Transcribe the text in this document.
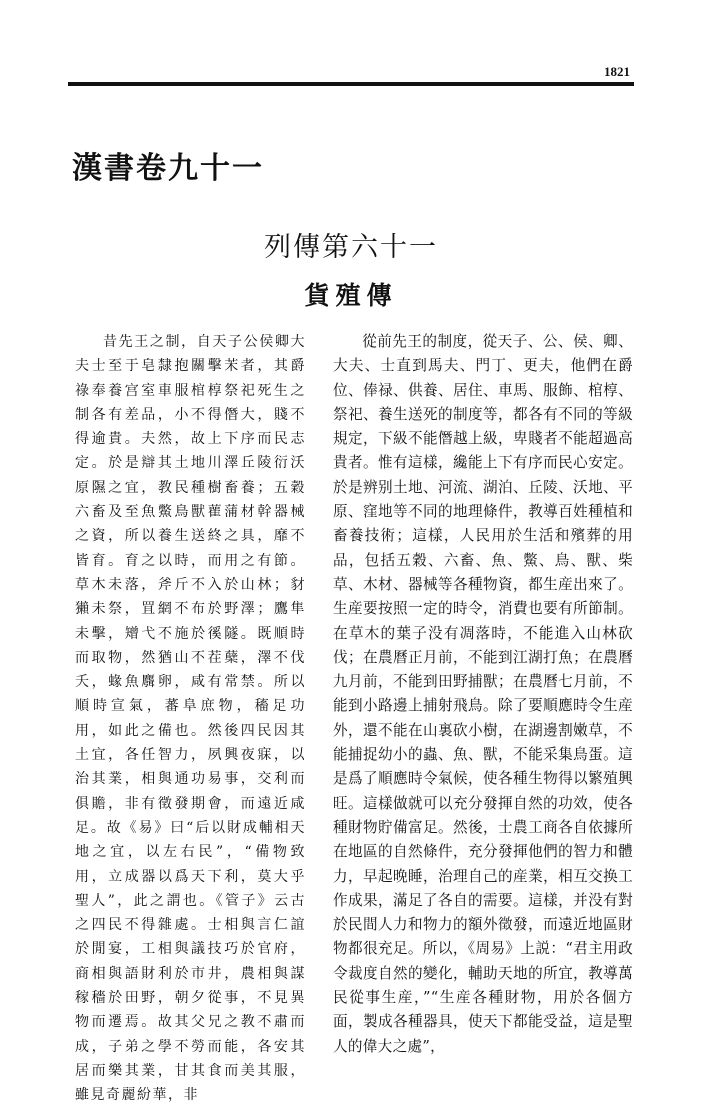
1821
漢書卷九十一
列傳第六十一
貨殖傳

昔先王之制，自天子公侯卿大夫士至于皂隸抱關擊㭉者，其爵祿奉養宫室車服棺椁祭祀死生之制各有差品，小不得僭大，賤不得逾貴。夫然，故上下序而民志定。於是辯其土地川澤丘陵衍沃原隰之宜，教民種樹畜養；五穀六畜及至魚鱉鳥獸雚蒲材幹器械之資，所以養生送終之具，靡不皆育。育之以時，而用之有節。草木未落，斧斤不入於山林；豺獺未祭，罝網不布於野澤；鷹隼未擊，矰弋不施於徯隧。既順時而取物，然猶山不茬蘖，澤不伐夭，蝝魚麛卵，咸有常禁。所以順時宣氣，蕃阜庶物，稸足功用，如此之備也。然後四民因其土宜，各任智力，夙興夜寐，以治其業，相與通功易事，交利而俱贍，非有徵發期會，而遠近咸足。故《易》曰“后以財成輔相天地之宜，以左右民”，“備物致用，立成器以爲天下利，莫大乎聖人”，此之謂也。《管子》云古之四民不得雜處。士相與言仁誼於閒宴，工相與議技巧於官府，商相與語財利於市井，農相與謀稼穡於田野，朝夕從事，不見異物而遷焉。故其父兄之教不肅而成，子弟之學不勞而能，各安其居而樂其業，甘其食而美其服，雖見奇麗紛華，非

從前先王的制度，從天子、公、侯、卿、大夫、士直到馬夫、門丁、更夫，他們在爵位、俸禄、供養、居住、車馬、服飾、棺椁、祭祀、養生送死的制度等，都各有不同的等級規定，下級不能僭越上級，卑賤者不能超過高貴者。惟有這樣，纔能上下有序而民心安定。於是辨别土地、河流、湖泊、丘陵、沃地、平原、窪地等不同的地理條件，教導百姓種植和畜養技術；這樣，人民用於生活和殯葬的用品，包括五穀、六畜、魚、鱉、鳥、獸、柴草、木材、器械等各種物資，都生産出來了。生産要按照一定的時令，消費也要有所節制。在草木的葉子没有凋落時，不能進入山林砍伐；在農曆正月前，不能到江湖打魚；在農曆九月前，不能到田野捕獸；在農曆七月前，不能到小路邊上捕射飛鳥。除了要順應時令生産外，還不能在山裏砍小樹，在湖邊割嫩草，不能捕捉幼小的蟲、魚、獸，不能采集鳥蛋。這是爲了順應時令氣候，使各種生物得以繁殖興旺。這樣做就可以充分發揮自然的功效，使各種財物貯備富足。然後，士農工商各自依據所在地區的自然條件，充分發揮他們的智力和體力，早起晚睡，治理自己的産業，相互交换工作成果，滿足了各自的需要。這樣，并没有對於民間人力和物力的額外徵發，而遠近地區財物都很充足。所以，《周易》上説：“君主用政令裁度自然的變化，輔助天地的所宜，教導萬民從事生産，”“生産各種財物，用於各個方面，製成各種器具，使天下都能受益，這是聖人的偉大之處”，
